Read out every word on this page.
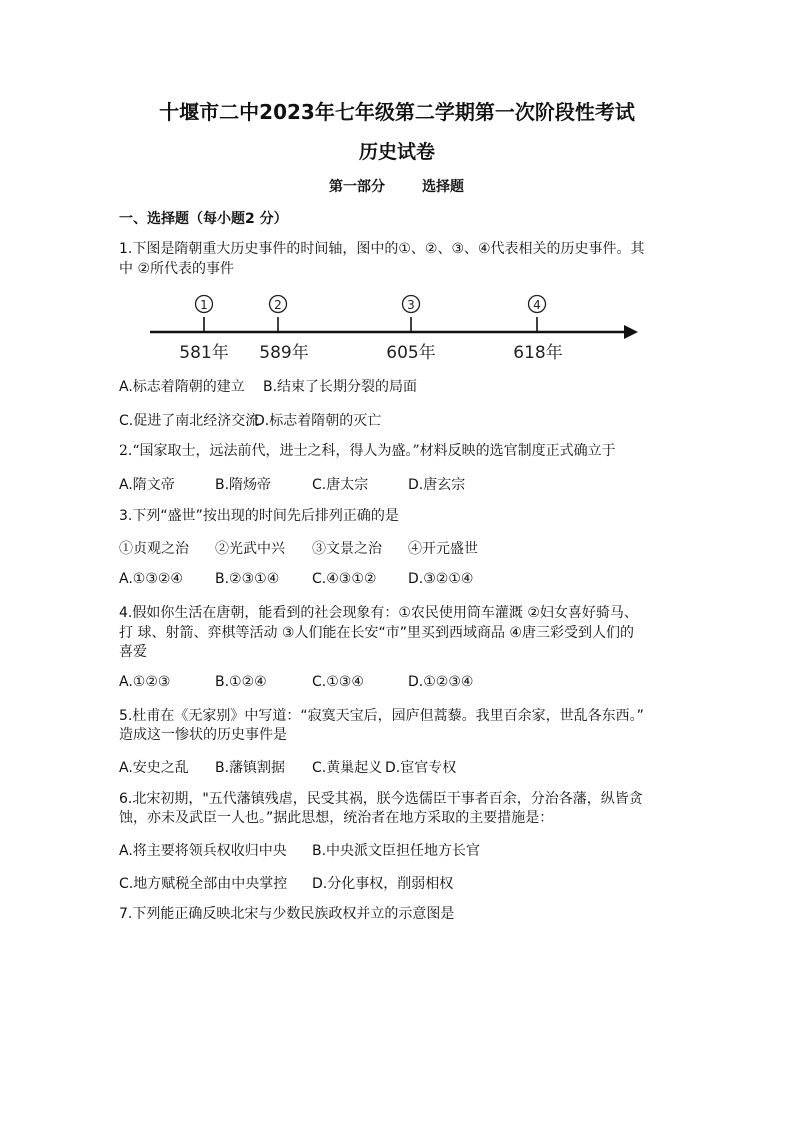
十堰市二中2023年七年级第二学期第一次阶段性考试
历史试卷
第一部分	选择题
一、选择题（每小题2 分）
1.下图是隋朝重大历史事件的时间轴，图中的①、②、③、④代表相关的历史事件。其
中 ②所代表的事件
1	2	3	4
581年 589年	605年	618年
A.标志着隋朝的建立 B.结束了长期分裂的局面
C.促进了南北经济交流
D.标志着隋朝的灭亡
2.“国家取士，远法前代，进士之科，得人为盛。”材料反映的选官制度正式确立于
A.隋文帝	B.隋炀帝	C.唐太宗	D.唐玄宗
3.下列“盛世”按出现的时间先后排列正确的是
①贞观之治 ②光武中兴 ③文景之治 ④开元盛世
A.①③②④ B.②③①④ C.④③①② D.③②①④
4.假如你生活在唐朝，能看到的社会现象有：①农民使用筒车灌溉 ②妇女喜好骑马、
打 球、射箭、弈棋等活动 ③人们能在长安“市”里买到西域商品 ④唐三彩受到人们的
喜爱
A.①②③	B.①②④	C.①③④	D.①②③④
5.杜甫在《无家别》中写道：“寂寞天宝后，园庐但蒿藜。我里百余家，世乱各东西。”
造成这一惨状的历史事件是
A.安史之乱 B.藩镇割据 C.黄巢起义 D.宦官专权
6.北宋初期，"五代藩镇残虐，民受其祸，朕今选儒臣干事者百余，分治各藩，纵皆贪
蚀，亦未及武臣一人也。”据此思想，统治者在地方采取的主要措施是：
A.将主要将领兵权收归中央 B.中央派文臣担任地方长官
C.地方赋税全部由中央掌控 D.分化事权，削弱相权
7.下列能正确反映北宋与少数民族政权并立的示意图是
